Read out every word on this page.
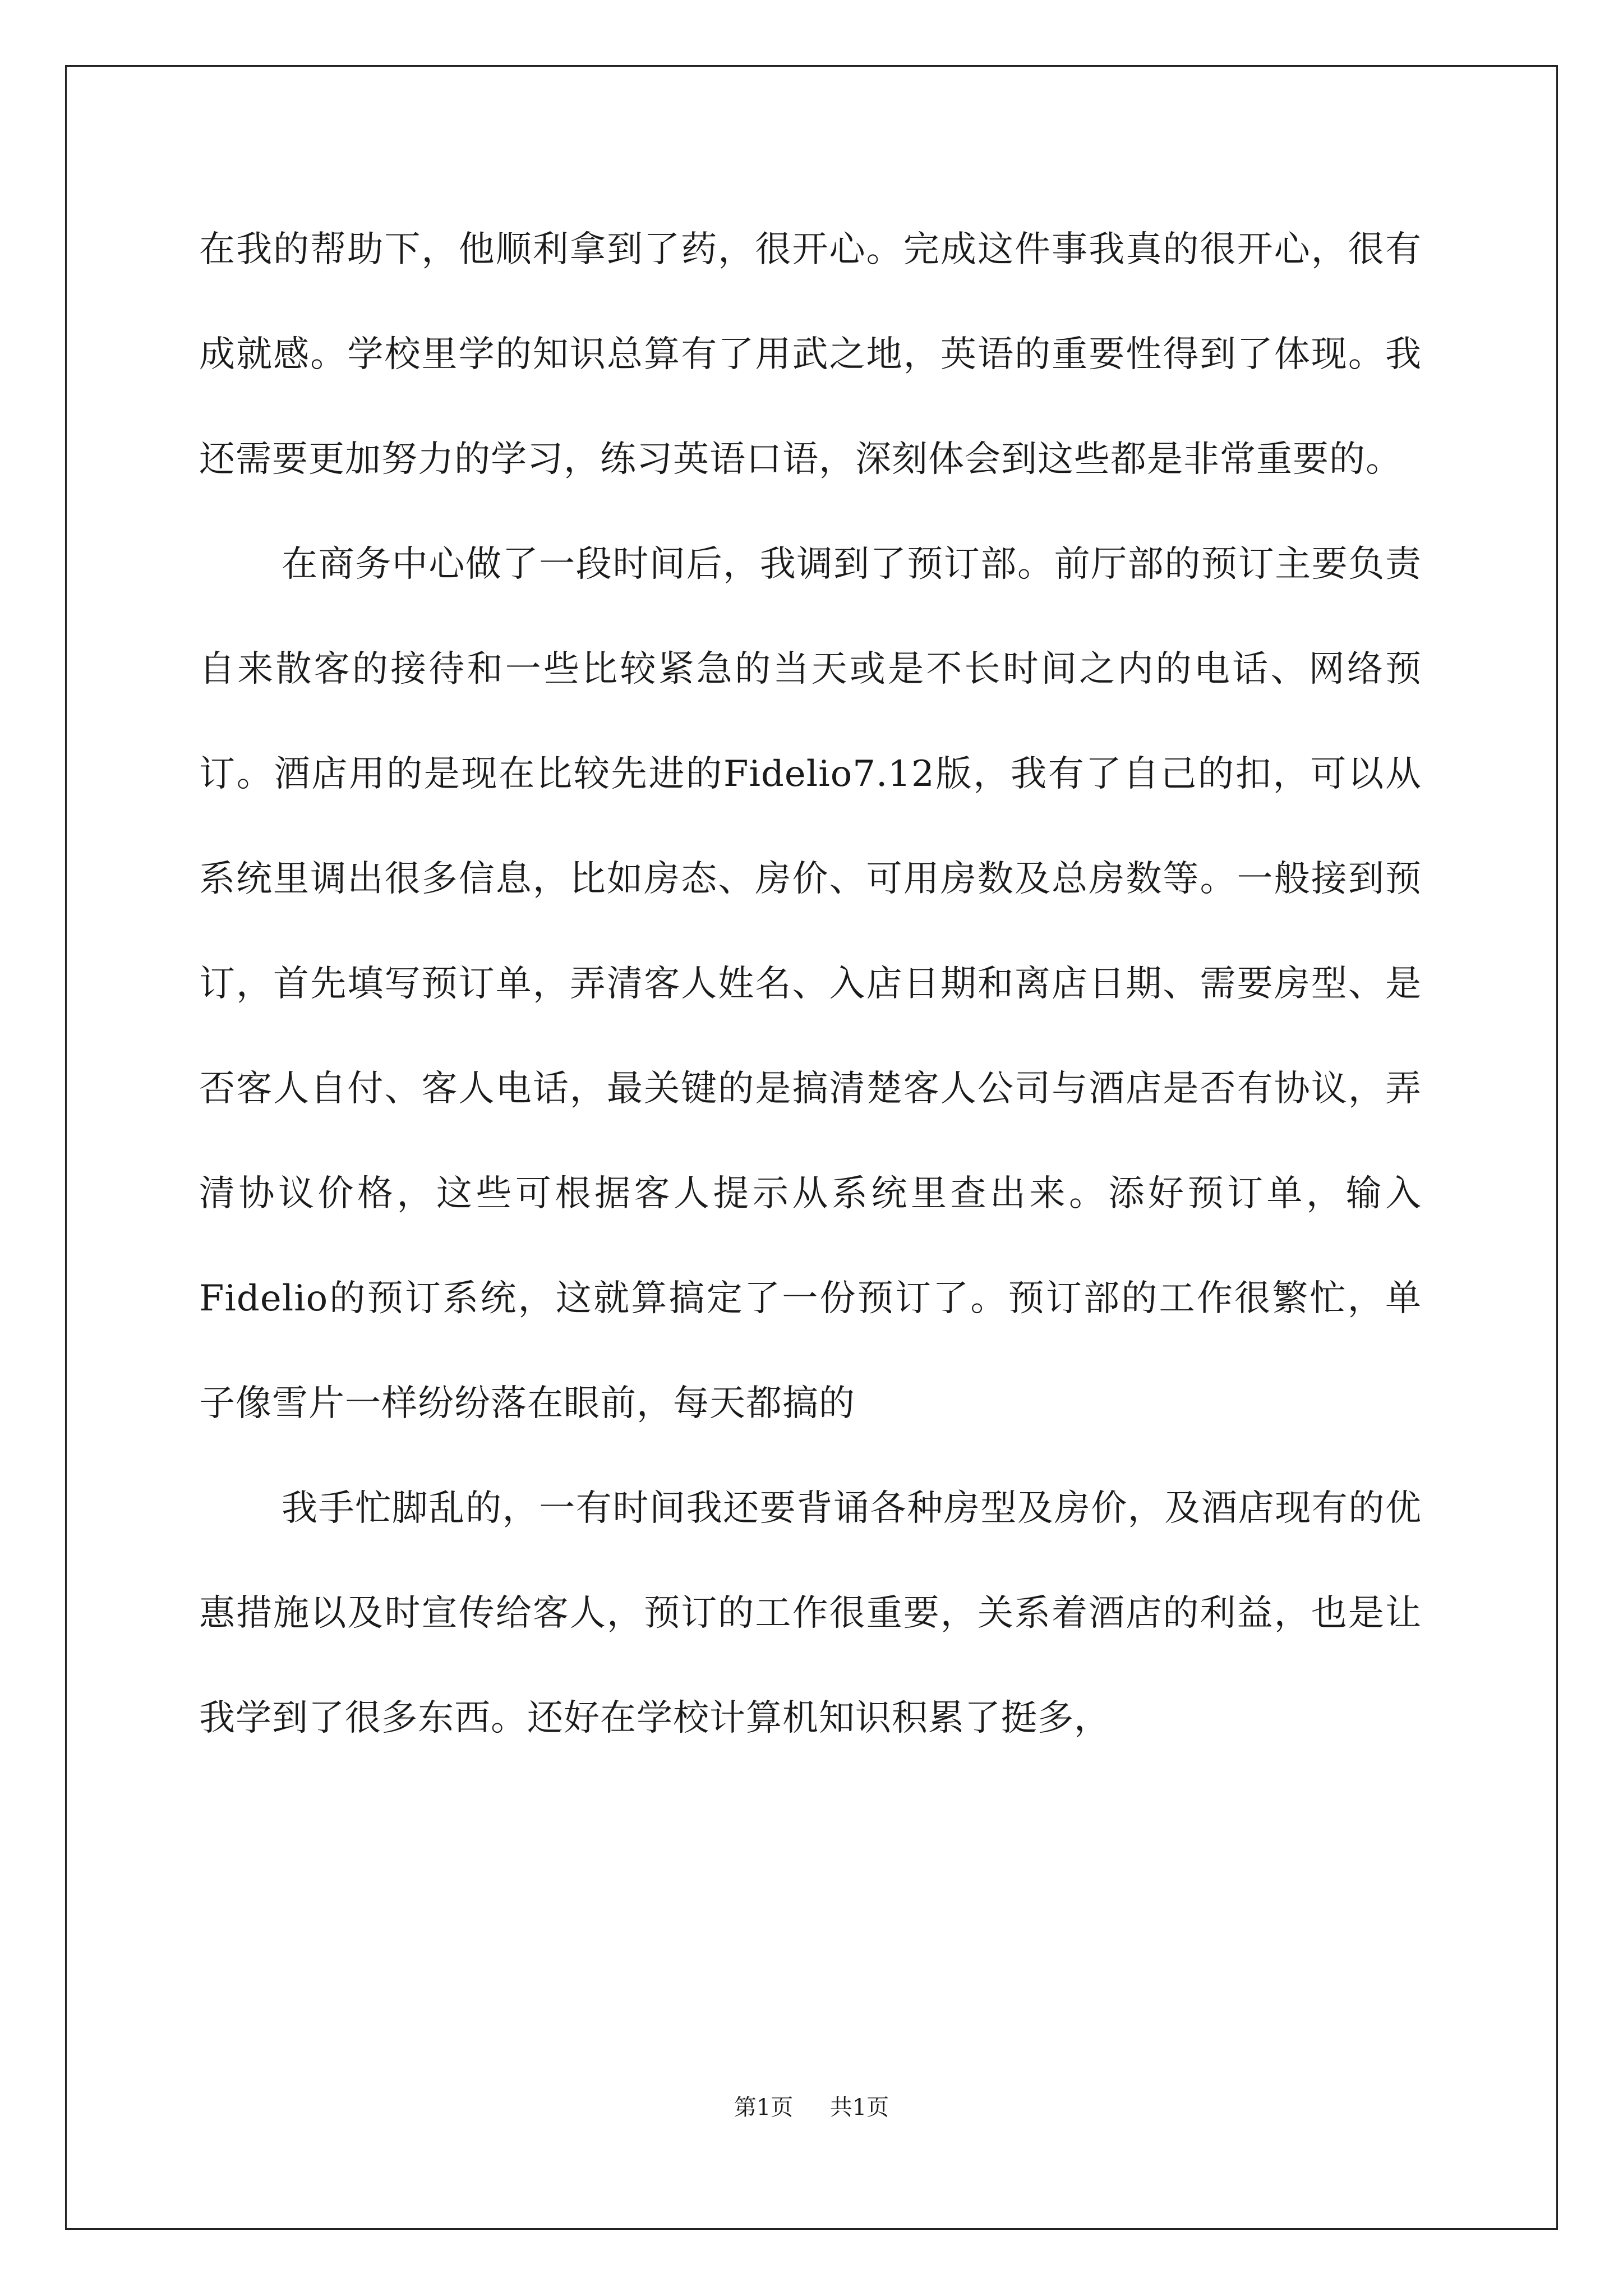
在我的帮助下，他顺利拿到了药，很开心。完成这件事我真的很开心，很有成就感。学校里学的知识总算有了用武之地，英语的重要性得到了体现。我还需要更加努力的学习，练习英语口语，深刻体会到这些都是非常重要的。

在商务中心做了一段时间后，我调到了预订部。前厅部的预订主要负责自来散客的接待和一些比较紧急的当天或是不长时间之内的电话、网络预订。酒店用的是现在比较先进的Fidelio7.12版，我有了自己的扣，可以从系统里调出很多信息，比如房态、房价、可用房数及总房数等。一般接到预订，首先填写预订单，弄清客人姓名、入店日期和离店日期、需要房型、是否客人自付、客人电话，最关键的是搞清楚客人公司与酒店是否有协议，弄清协议价格，这些可根据客人提示从系统里查出来。添好预订单，输入Fidelio的预订系统，这就算搞定了一份预订了。预订部的工作很繁忙，单子像雪片一样纷纷落在眼前，每天都搞的

我手忙脚乱的，一有时间我还要背诵各种房型及房价，及酒店现有的优惠措施以及时宣传给客人，预订的工作很重要，关系着酒店的利益，也是让我学到了很多东西。还好在学校计算机知识积累了挺多，

第1页 共1页
